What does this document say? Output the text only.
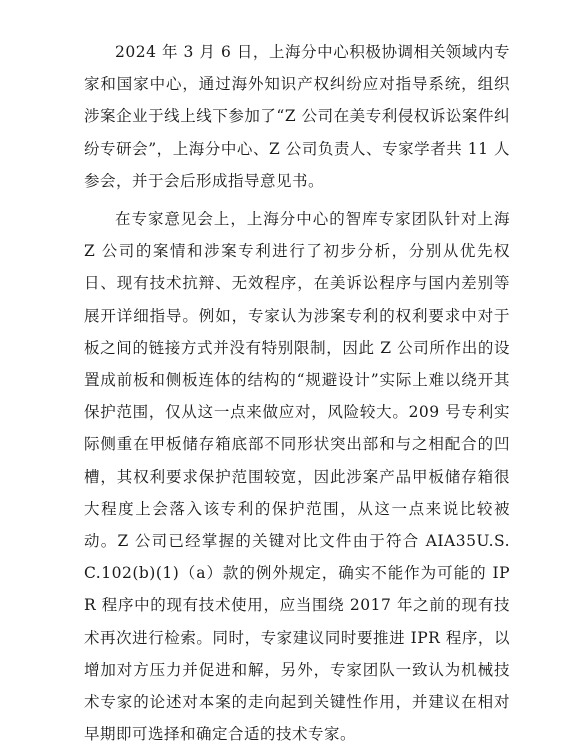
2024 年 3 月 6 日，上海分中心积极协调相关领域内专家和国家中心，通过海外知识产权纠纷应对指导系统，组织涉案企业于线上线下参加了“Z 公司在美专利侵权诉讼案件纠纷专研会”，上海分中心、Z 公司负责人、专家学者共 11 人参会，并于会后形成指导意见书。

在专家意见会上，上海分中心的智库专家团队针对上海 Z 公司的案情和涉案专利进行了初步分析，分别从优先权日、现有技术抗辩、无效程序，在美诉讼程序与国内差别等展开详细指导。例如，专家认为涉案专利的权利要求中对于板之间的链接方式并没有特别限制，因此 Z 公司所作出的设置成前板和侧板连体的结构的“规避设计”实际上难以绕开其保护范围，仅从这一点来做应对，风险较大。209 号专利实际侧重在甲板储存箱底部不同形状突出部和与之相配合的凹槽，其权利要求保护范围较宽，因此涉案产品甲板储存箱很大程度上会落入该专利的保护范围，从这一点来说比较被动。Z 公司已经掌握的关键对比文件由于符合 AIA35U.S.C.102(b)(1)（a）款的例外规定，确实不能作为可能的 IPR 程序中的现有技术使用，应当围绕 2017 年之前的现有技术再次进行检索。同时，专家建议同时要推进 IPR 程序，以增加对方压力并促进和解，另外，专家团队一致认为机械技术专家的论述对本案的走向起到关键性作用，并建议在相对早期即可选择和确定合适的技术专家。
